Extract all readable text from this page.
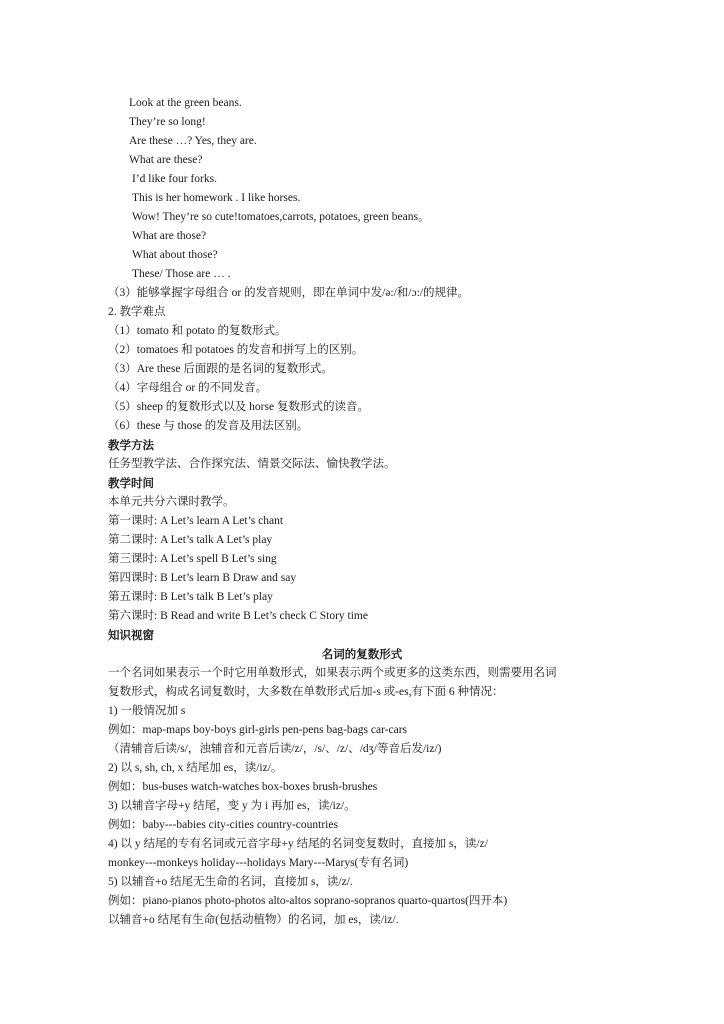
Look at the green beans.
They’re so long!
Are these …? Yes, they are.
What are these?
I’d like four forks.
This is her homework . I like horses.
Wow! They’re so cute!tomatoes,carrots, potatoes, green beans。
What are those?
What about those?
These/ Those are … .
（3）能够掌握字母组合 or 的发音规则，即在单词中发/ə:/和/ɔ:/的规律。
2. 教学难点
（1）tomato 和 potato 的复数形式。
（2）tomatoes 和 potatoes 的发音和拼写上的区别。
（3）Are these 后面跟的是名词的复数形式。
（4）字母组合 or 的不同发音。
（5）sheep 的复数形式以及 horse 复数形式的读音。
（6）these 与 those 的发音及用法区别。
教学方法
任务型教学法、合作探究法、情景交际法、愉快教学法。
教学时间
本单元共分六课时教学。
第一课时: A Let’s learn A Let’s chant
第二课时: A Let’s talk A Let’s play
第三课时: A Let’s spell B Let’s sing
第四课时: B Let’s learn B Draw and say
第五课时: B Let’s talk B Let’s play
第六课时: B Read and write B Let’s check C Story time
知识视窗
名词的复数形式
一个名词如果表示一个时它用单数形式，如果表示两个或更多的这类东西，则需要用名词
复数形式，构成名词复数时，大多数在单数形式后加-s 或-es,有下面 6 种情况：
1) 一般情况加 s
例如：map-maps boy-boys girl-girls pen-pens bag-bags car-cars
（清辅音后读/s/，浊辅音和元音后读/z/，/s/、/z/、/dʒ/等音后发/iz/)
2) 以 s, sh, ch, x 结尾加 es，读/iz/。
例如：bus-buses watch-watches box-boxes brush-brushes
3) 以辅音字母+y 结尾，变 y 为 i 再加 es，读/iz/。
例如：baby---babies city-cities country-countries
4) 以 y 结尾的专有名词或元音字母+y 结尾的名词变复数时，直接加 s，读/z/
monkey---monkeys holiday---holidays Mary---Marys(专有名词)
5) 以辅音+o 结尾无生命的名词，直接加 s，读/z/.
例如：piano-pianos photo-photos alto-altos soprano-sopranos quarto-quartos(四开本)
以辅音+o 结尾有生命(包括动植物）的名词，加 es，读/iz/.
